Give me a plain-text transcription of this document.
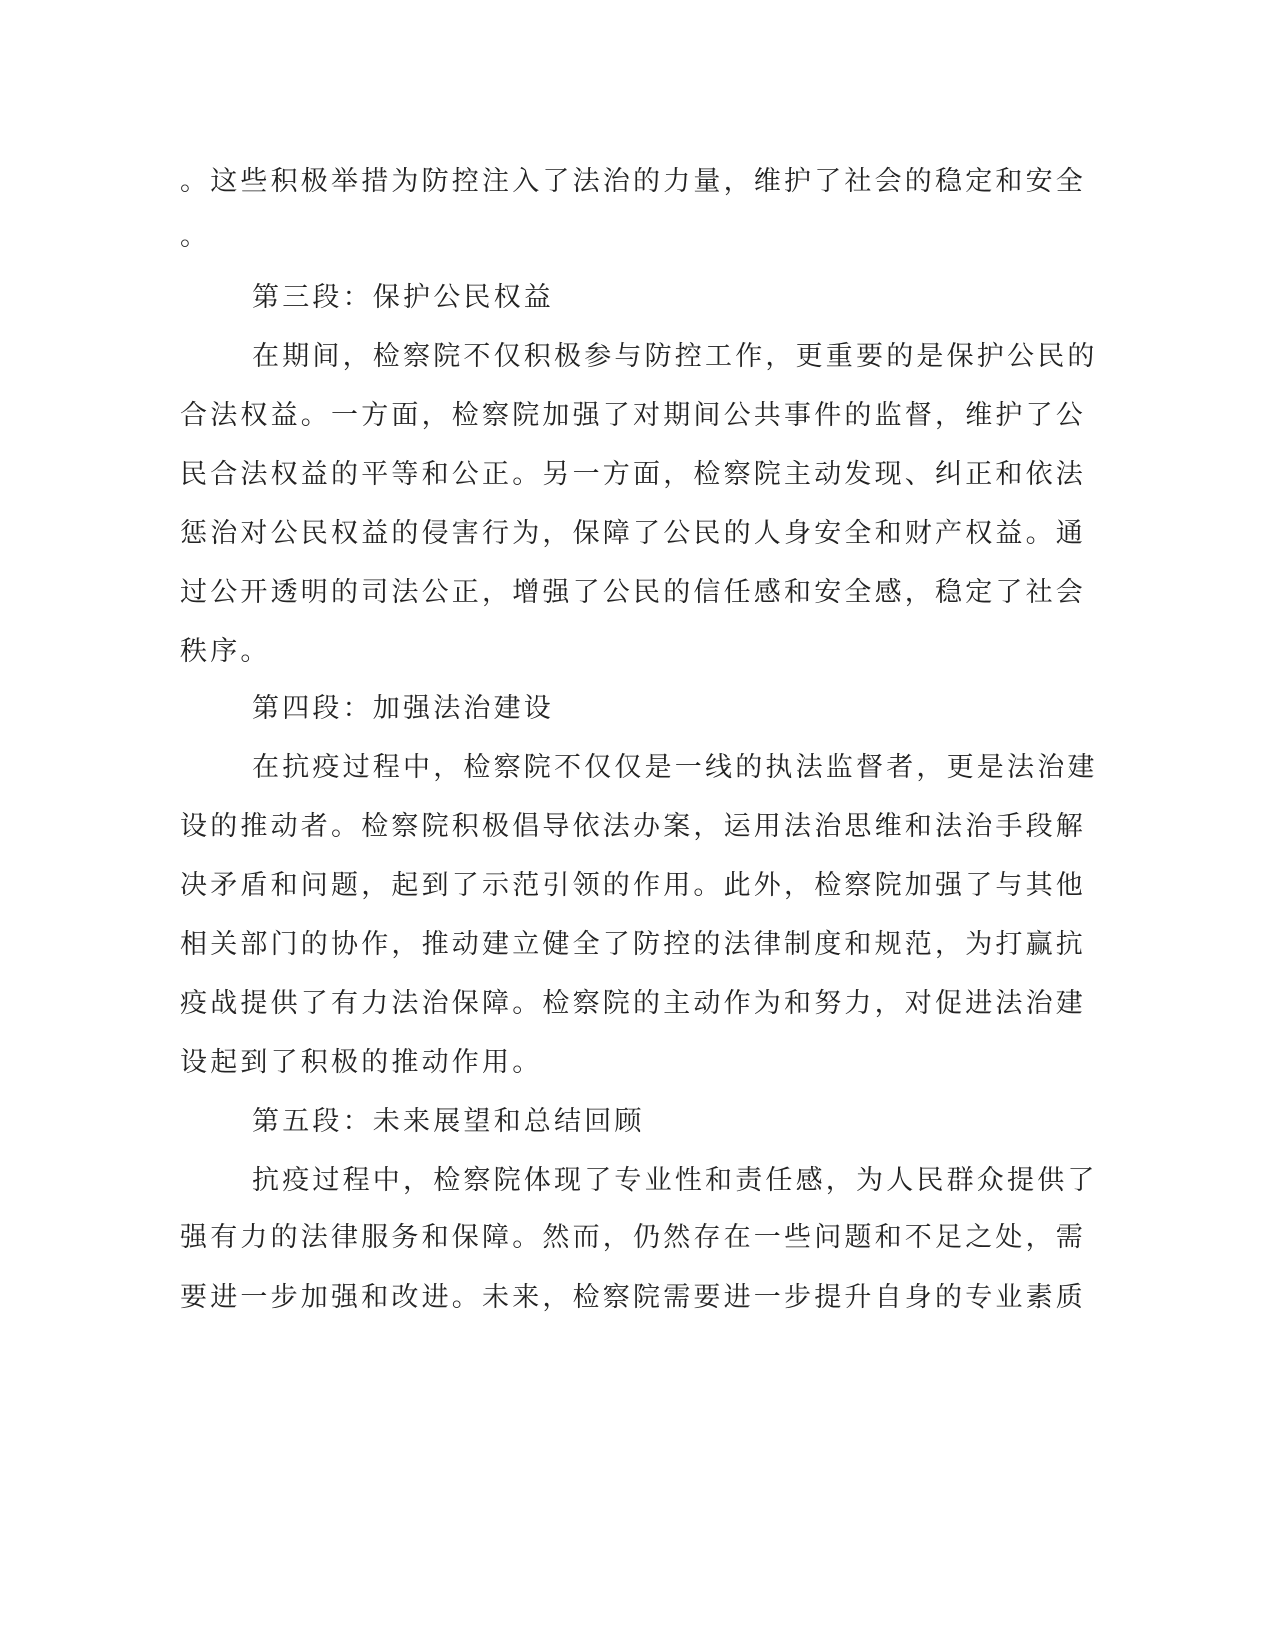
。这些积极举措为防控注入了法治的力量，维护了社会的稳定和安全
。
第三段：保护公民权益
在期间，检察院不仅积极参与防控工作，更重要的是保护公民的
合法权益。一方面，检察院加强了对期间公共事件的监督，维护了公
民合法权益的平等和公正。另一方面，检察院主动发现、纠正和依法
惩治对公民权益的侵害行为，保障了公民的人身安全和财产权益。通
过公开透明的司法公正，增强了公民的信任感和安全感，稳定了社会
秩序。
第四段：加强法治建设
在抗疫过程中，检察院不仅仅是一线的执法监督者，更是法治建
设的推动者。检察院积极倡导依法办案，运用法治思维和法治手段解
决矛盾和问题，起到了示范引领的作用。此外，检察院加强了与其他
相关部门的协作，推动建立健全了防控的法律制度和规范，为打赢抗
疫战提供了有力法治保障。检察院的主动作为和努力，对促进法治建
设起到了积极的推动作用。
第五段：未来展望和总结回顾
抗疫过程中，检察院体现了专业性和责任感，为人民群众提供了
强有力的法律服务和保障。然而，仍然存在一些问题和不足之处，需
要进一步加强和改进。未来，检察院需要进一步提升自身的专业素质
